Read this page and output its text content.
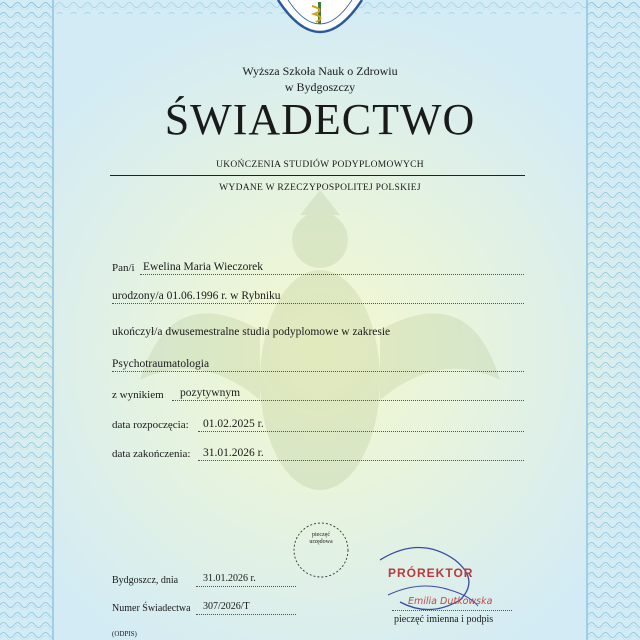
Wyższa Szkoła Nauk o Zdrowiu
w Bydgoszczy
ŚWIADECTWO
UKOŃCZENIA STUDIÓW PODYPLOMOWYCH
WYDANE W RZECZYPOSPOLITEJ POLSKIEJ
Pan/i Ewelina Maria Wieczorek
urodzony/a 01.06.1996 r. w Rybniku
ukończył/a dwusemestralne studia podyplomowe w zakresie
Psychotraumatologia
z wynikiem pozytywnym
data rozpoczęcia: 01.02.2025 r.
data zakończenia: 31.01.2026 r.
pieczęć
urzędowa
Bydgoszcz, dnia 31.01.2026 r.
Numer Świadectwa 307/2026/T
(ODPIS)
PRÓREKTOR
Emilia Dutkowska
pieczęć imienna i podpis
